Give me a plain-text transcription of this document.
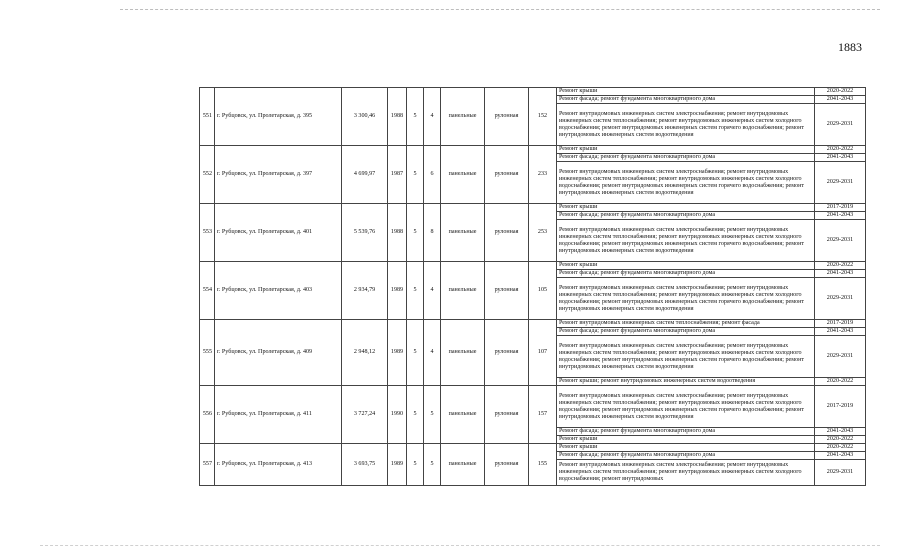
1883
551	г. Рубцовск, ул. Пролетарская, д. 395	3 300,46	1988	5	4	панельные	рулонная	152	Ремонт крыши	2020-2022
									Ремонт фасада; ремонт фундамента многоквартирного дома	2041-2043
									Ремонт внутридомовых инженерных систем электроснабжения; ремонт внутридомовых инженерных систем теплоснабжения; ремонт внутридомовых инженерных систем холодного водоснабжения; ремонт внутридомовых инженерных систем горячего водоснабжения; ремонт внутридомовых инженерных систем водоотведения	2029-2031
552	г. Рубцовск, ул. Пролетарская, д. 397	4 699,97	1987	5	6	панельные	рулонная	233	Ремонт крыши	2020-2022
									Ремонт фасада; ремонт фундамента многоквартирного дома	2041-2043
									Ремонт внутридомовых инженерных систем электроснабжения; ремонт внутридомовых инженерных систем теплоснабжения; ремонт внутридомовых инженерных систем холодного водоснабжения; ремонт внутридомовых инженерных систем горячего водоснабжения; ремонт внутридомовых инженерных систем водоотведения	2029-2031
553	г. Рубцовск, ул. Пролетарская, д. 401	5 539,76	1988	5	8	панельные	рулонная	253	Ремонт крыши	2017-2019
									Ремонт фасада; ремонт фундамента многоквартирного дома	2041-2043
									Ремонт внутридомовых инженерных систем электроснабжения; ремонт внутридомовых инженерных систем теплоснабжения; ремонт внутридомовых инженерных систем холодного водоснабжения; ремонт внутридомовых инженерных систем горячего водоснабжения; ремонт внутридомовых инженерных систем водоотведения	2029-2031
554	г. Рубцовск, ул. Пролетарская, д. 403	2 934,79	1989	5	4	панельные	рулонная	105	Ремонт крыши	2020-2022
									Ремонт фасада; ремонт фундамента многоквартирного дома	2041-2043
									Ремонт внутридомовых инженерных систем электроснабжения; ремонт внутридомовых инженерных систем теплоснабжения; ремонт внутридомовых инженерных систем холодного водоснабжения; ремонт внутридомовых инженерных систем горячего водоснабжения; ремонт внутридомовых инженерных систем водоотведения	2029-2031
555	г. Рубцовск, ул. Пролетарская, д. 409	2 948,12	1989	5	4	панельные	рулонная	107	Ремонт внутридомовых инженерных систем теплоснабжения; ремонт фасада	2017-2019
									Ремонт фасада; ремонт фундамента многоквартирного дома	2041-2043
									Ремонт внутридомовых инженерных систем электроснабжения; ремонт внутридомовых инженерных систем теплоснабжения; ремонт внутридомовых инженерных систем холодного водоснабжения; ремонт внутридомовых инженерных систем горячего водоснабжения; ремонт внутридомовых инженерных систем водоотведения	2029-2031
									Ремонт крыши; ремонт внутридомовых инженерных систем водоотведения	2020-2022
556	г. Рубцовск, ул. Пролетарская, д. 411	3 727,24	1990	5	5	панельные	рулонная	157	Ремонт внутридомовых инженерных систем электроснабжения; ремонт внутридомовых инженерных систем теплоснабжения; ремонт внутридомовых инженерных систем холодного водоснабжения; ремонт внутридомовых инженерных систем горячего водоснабжения; ремонт внутридомовых инженерных систем водоотведения	2017-2019
									Ремонт фасада; ремонт фундамента многоквартирного дома	2041-2043
									Ремонт крыши	2020-2022
557	г. Рубцовск, ул. Пролетарская, д. 413	3 693,75	1989	5	5	панельные	рулонная	155	Ремонт крыши	2020-2022
									Ремонт фасада; ремонт фундамента многоквартирного дома	2041-2043
									Ремонт внутридомовых инженерных систем электроснабжения; ремонт внутридомовых инженерных систем теплоснабжения; ремонт внутридомовых инженерных систем холодного водоснабжения; ремонт внутридомовых	2029-2031
